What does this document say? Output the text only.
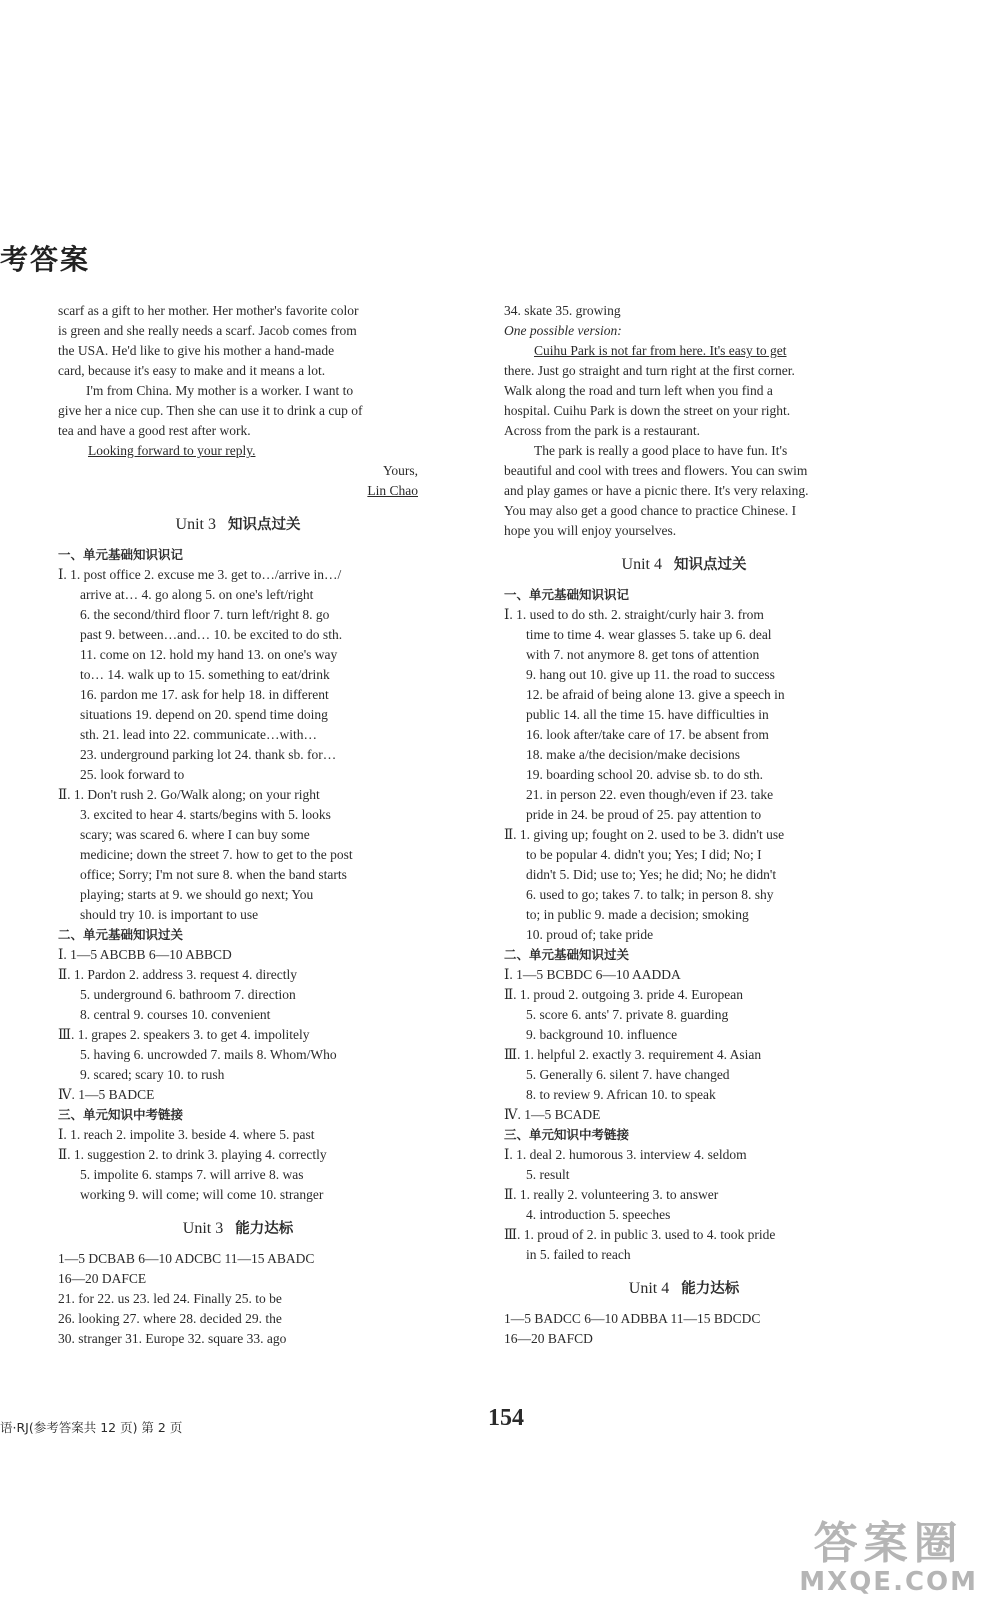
考答案
scarf as a gift to her mother. Her mother's favorite color
is green and she really needs a scarf. Jacob comes from
the USA. He'd like to give his mother a hand-made
card, because it's easy to make and it means a lot.
I'm from China. My mother is a worker. I want to
give her a nice cup. Then she can use it to drink a cup of
tea and have a good rest after work.
Looking forward to your reply.
Yours,
Lin Chao
Unit 3 知识点过关
一、单元基础知识识记
Ⅰ. 1. post office 2. excuse me 3. get to…/arrive in…/
arrive at… 4. go along 5. on one's left/right
6. the second/third floor 7. turn left/right 8. go
past 9. between…and… 10. be excited to do sth.
11. come on 12. hold my hand 13. on one's way
to… 14. walk up to 15. something to eat/drink
16. pardon me 17. ask for help 18. in different
situations 19. depend on 20. spend time doing
sth. 21. lead into 22. communicate…with…
23. underground parking lot 24. thank sb. for…
25. look forward to
Ⅱ. 1. Don't rush 2. Go/Walk along; on your right
3. excited to hear 4. starts/begins with 5. looks
scary; was scared 6. where I can buy some
medicine; down the street 7. how to get to the post
office; Sorry; I'm not sure 8. when the band starts
playing; starts at 9. we should go next; You
should try 10. is important to use
二、单元基础知识过关
Ⅰ. 1—5 ABCBB 6—10 ABBCD
Ⅱ. 1. Pardon 2. address 3. request 4. directly
5. underground 6. bathroom 7. direction
8. central 9. courses 10. convenient
Ⅲ. 1. grapes 2. speakers 3. to get 4. impolitely
5. having 6. uncrowded 7. mails 8. Whom/Who
9. scared; scary 10. to rush
Ⅳ. 1—5 BADCE
三、单元知识中考链接
Ⅰ. 1. reach 2. impolite 3. beside 4. where 5. past
Ⅱ. 1. suggestion 2. to drink 3. playing 4. correctly
5. impolite 6. stamps 7. will arrive 8. was
working 9. will come; will come 10. stranger
Unit 3 能力达标
1—5 DCBAB 6—10 ADCBC 11—15 ABADC
16—20 DAFCE
21. for 22. us 23. led 24. Finally 25. to be
26. looking 27. where 28. decided 29. the
30. stranger 31. Europe 32. square 33. ago
34. skate 35. growing
One possible version:
Cuihu Park is not far from here. It's easy to get
there. Just go straight and turn right at the first corner.
Walk along the road and turn left when you find a
hospital. Cuihu Park is down the street on your right.
Across from the park is a restaurant.
The park is really a good place to have fun. It's
beautiful and cool with trees and flowers. You can swim
and play games or have a picnic there. It's very relaxing.
You may also get a good chance to practice Chinese. I
hope you will enjoy yourselves.
Unit 4 知识点过关
一、单元基础知识识记
Ⅰ. 1. used to do sth. 2. straight/curly hair 3. from
time to time 4. wear glasses 5. take up 6. deal
with 7. not anymore 8. get tons of attention
9. hang out 10. give up 11. the road to success
12. be afraid of being alone 13. give a speech in
public 14. all the time 15. have difficulties in
16. look after/take care of 17. be absent from
18. make a/the decision/make decisions
19. boarding school 20. advise sb. to do sth.
21. in person 22. even though/even if 23. take
pride in 24. be proud of 25. pay attention to
Ⅱ. 1. giving up; fought on 2. used to be 3. didn't use
to be popular 4. didn't you; Yes; I did; No; I
didn't 5. Did; use to; Yes; he did; No; he didn't
6. used to go; takes 7. to talk; in person 8. shy
to; in public 9. made a decision; smoking
10. proud of; take pride
二、单元基础知识过关
Ⅰ. 1—5 BCBDC 6—10 AADDA
Ⅱ. 1. proud 2. outgoing 3. pride 4. European
5. score 6. ants' 7. private 8. guarding
9. background 10. influence
Ⅲ. 1. helpful 2. exactly 3. requirement 4. Asian
5. Generally 6. silent 7. have changed
8. to review 9. African 10. to speak
Ⅳ. 1—5 BCADE
三、单元知识中考链接
Ⅰ. 1. deal 2. humorous 3. interview 4. seldom
5. result
Ⅱ. 1. really 2. volunteering 3. to answer
4. introduction 5. speeches
Ⅲ. 1. proud of 2. in public 3. used to 4. took pride
in 5. failed to reach
Unit 4 能力达标
1—5 BADCC 6—10 ADBBA 11—15 BDCDC
16—20 BAFCD
语·RJ(参考答案共 12 页) 第 2 页	154
答案圈
MXQE.COM
